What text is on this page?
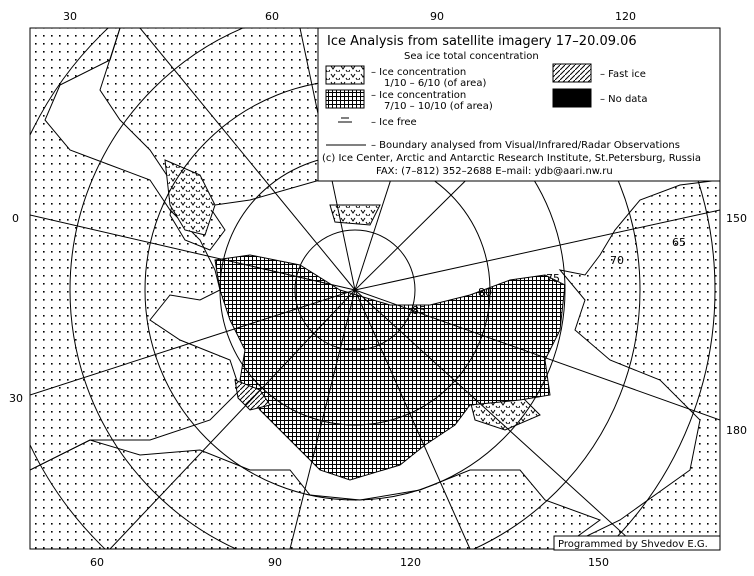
30	60	90	120
60	90	120	150
0
30
150
180
65
70
75
80
85
Ice Analysis from satellite imagery 17–20.09.06
Sea ice total concentration
– Ice concentration
1/10 – 6/10 (of area)
– Ice concentration
7/10 – 10/10 (of area)
– Ice free
– Fast ice
– No data
– Boundary analysed from Visual/Infrared/Radar Observations
(c) Ice Center, Arctic and Antarctic Research Institute, St.Petersburg, Russia
FAX: (7–812) 352–2688 E–mail: ydb@aari.nw.ru
Programmed by Shvedov E.G.
